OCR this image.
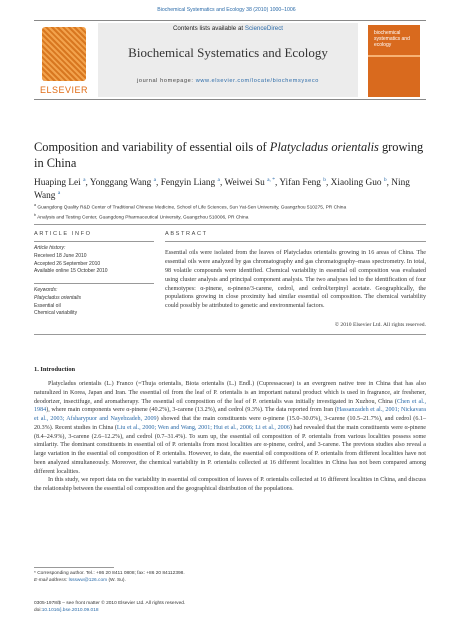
Biochemical Systematics and Ecology 38 (2010) 1000–1006
ELSEVIER
Contents lists available at ScienceDirect
Biochemical Systematics and Ecology
journal homepage: www.elsevier.com/locate/biochemsyseco
biochemical systematics and ecology
Composition and variability of essential oils of Platycladus orientalis growing in China
Huaping Lei $^a$, Yonggang Wang $^a$, Fengyin Liang $^a$, Weiwei Su $^{a, *}$, Yifan Feng $^b$, Xiaoling Guo $^b$, Ning Wang $^a$
$^a$ Guangdong Quality R&D Center of Traditional Chinese Medicine, School of Life Sciences, Sun Yat-Sen University, Guangzhou 510275, PR China
$^b$ Analysis and Testing Center, Guangdong Pharmaceutical University, Guangzhou 510006, PR China
ARTICLE INFO	ABSTRACT
Article history:
Received 18 June 2010
Accepted 26 September 2010
Available online 15 October 2010
Keywords:
Platycladus orientalis
Essential oil
Chemical variability
Essential oils were isolated from the leaves of Platycladus orientalis growing in 16 areas of China. The essential oils were analyzed by gas chromatography and gas chromatography–mass spectrometry. In total, 98 volatile compounds were identified. Chemical variability in essential oil composition was evaluated using cluster analysis and principal component analysis. The two analyses led to the identification of four chemotypes: α-pinene, α-pinene/3-carene, cedrol, and cedrol/terpinyl acetate. Geographically, the populations growing in close proximity had similar essential oil composition. The chemical variability could possibly be attributed to genetic and environmental factors.
© 2010 Elsevier Ltd. All rights reserved.
1. Introduction

Platycladus orientalis (L.) Franco (=Thuja orientalis, Biota orientalis (L.) Endl.) (Cupressaceae) is an evergreen native tree in China that has also naturalized in Korea, Japan and Iran. The essential oil from the leaf of P. orientalis is an important natural product which is used in fragrance, air freshener, deodorizer, insectifuge, and aromatherapy. The essential oil composition of the leaf of P. orientalis was initially investigated in Xuzhou, China (Chen et al., 1984), where main components were α-pinene (40.2%), 3-carene (13.2%), and cedrol (9.3%). The data reported from Iran (Hassanzadeh et al., 2001; Nickavara et al., 2003; Afsharypuor and Nayebzadeh, 2009) showed that the main constituents were α-pinene (15.0–30.0%), 3-carene (10.5–21.7%), and cedrol (6.1–20.3%). Recent studies in China (Liu et al., 2000; Wen and Wang, 2001; Hui et al., 2006; Li et al., 2006) had revealed that the main constituents were α-pinene (8.4–24.9%), 3-carene (2.6–12.2%), and cedrol (0.7–31.4%). To sum up, the essential oil composition of P. orientalis from various localities possess some similarity. The dominant constituents in essential oil of P. orientalis from most localities are α-pinene, cedrol, and 3-carene. The previous studies also reveal a large variation in the essential oil composition of P. orientalis. However, to date, the essential oil compositions of P. orientalis from different localities have not been analyzed simultaneously. Moreover, the chemical variability in P. orientalis collected at 16 different localities in China has not been compared among different localities.

In this study, we report data on the variability in essential oil composition of leaves of P. orientalis collected at 16 different localities in China, and discuss the relationship between the essential oil composition and the geographical distribution of the populations.

* Corresponding author. Tel.: +86 20 8411 0808; fax: +86 20 84112398.
E-mail address: lsssww@126.com (W. Su).
0305-1978/$ – see front matter © 2010 Elsevier Ltd. All rights reserved.
doi:10.1016/j.bse.2010.09.018
